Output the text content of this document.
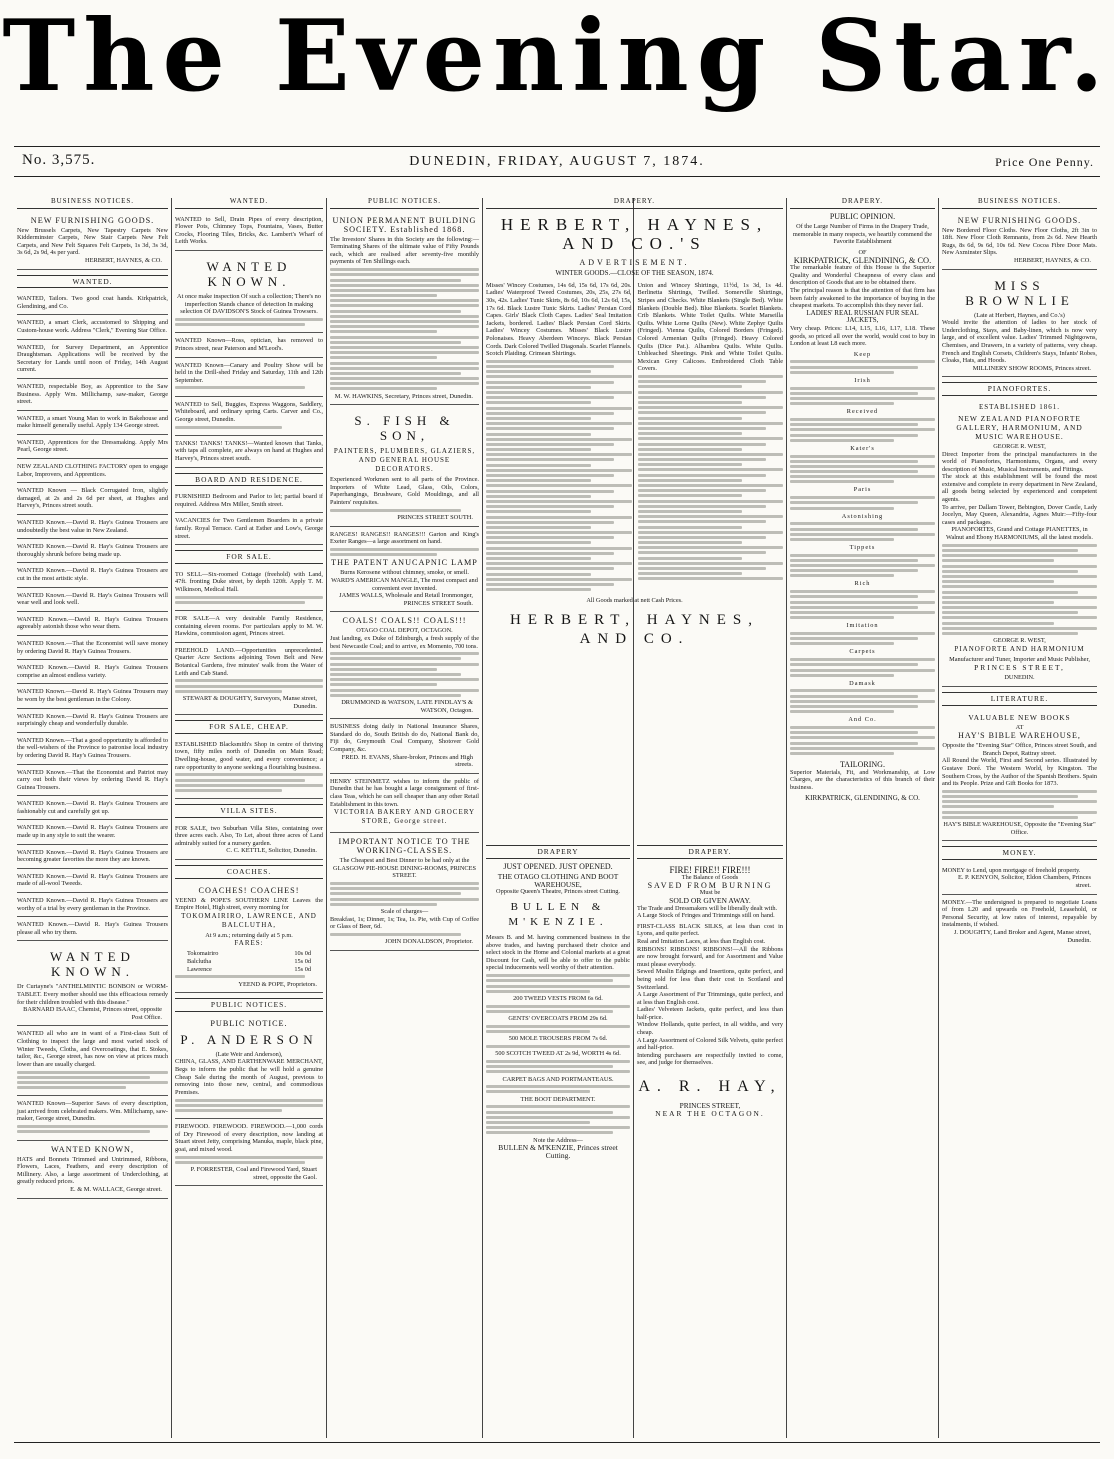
The Evening Star.
No. 3,575.	DUNEDIN, FRIDAY, AUGUST 7, 1874.	Price One Penny.
BUSINESS NOTICES.
NEW FURNISHING GOODS.
New Brussels Carpets, New Tapestry Carpets New Kidderminster Carpets, New Stair Carpets New Felt Carpets, and New Felt Squares Felt Carpets, 1s 3d, 3s 3d, 3s 6d, 2s 9d, 4s per yard.
HERBERT, HAYNES, & CO.
WANTED.
WANTED, Tailors. Two good coat hands. Kirkpatrick, Glendining, and Co.
WANTED, a smart Clerk, accustomed to Shipping and Custom-house work. Address "Clerk," Evening Star Office.
WANTED, for Survey Department, an Apprentice Draughtsman. Applications will be received by the Secretary for Lands until noon of Friday, 14th August current.
WANTED, respectable Boy, as Apprentice to the Saw Business. Apply Wm. Millichamp, saw-maker, George street.
WANTED, a smart Young Man to work in Bakehouse and make himself generally useful. Apply 134 George street.
WANTED, Apprentices for the Dressmaking. Apply Mrs Pearl, George street.
NEW ZEALAND CLOTHING FACTORY open to engage Labor, Improvers, and Apprentices.
WANTED Known — Black Corrugated Iron, slightly damaged, at 2s and 2s 6d per sheet, at Hughes and Harvey's, Princes street south.
WANTED Known.—David R. Hay's Guinea Trousers are undoubtedly the best value in New Zealand.
WANTED Known.—David R. Hay's Guinea Trousers are thoroughly shrunk before being made up.
WANTED Known.—David R. Hay's Guinea Trousers are cut in the most artistic style.
WANTED Known.—David R. Hay's Guinea Trousers will wear well and look well.
WANTED Known.—David R. Hay's Guinea Trousers agreeably astonish those who wear them.
WANTED Known.—That the Economist will save money by ordering David R. Hay's Guinea Trousers.
WANTED Known.—David R. Hay's Guinea Trousers comprise an almost endless variety.
WANTED Known.—David R. Hay's Guinea Trousers may be worn by the best gentleman in the Colony.
WANTED Known.—David R. Hay's Guinea Trousers are surprisingly cheap and wonderfully durable.
WANTED Known.—That a good opportunity is afforded to the well-wishers of the Province to patronise local industry by ordering David R. Hay's Guinea Trousers.
WANTED Known.—That the Economist and Patriot may carry out both their views by ordering David R. Hay's Guinea Trousers.
WANTED Known.—David R. Hay's Guinea Trousers are fashionably cut and carefully got up.
WANTED Known.—David R. Hay's Guinea Trousers are made up in any style to suit the wearer.
WANTED Known.—David R. Hay's Guinea Trousers are becoming greater favorites the more they are known.
WANTED Known.—David R. Hay's Guinea Trousers are made of all-wool Tweeds.
WANTED Known.—David R. Hay's Guinea Trousers are worthy of a trial by every gentleman in the Province.
WANTED Known.—David R. Hay's Guinea Trousers please all who try them.
WANTED KNOWN.
Dr Curtayne's "ANTHELMINTIC BONBON or WORM-TABLET. Every mother should use this efficacious remedy for their children troubled with this disease."
BARNARD ISAAC, Chemist, Princes street, opposite Post Office.
WANTED all who are in want of a First-class Suit of Clothing to inspect the large and most varied stock of Winter Tweeds, Cloths, and Overcoatings, that E. Stokes, tailor, &c., George street, has now on view at prices much lower than are usually charged.
WANTED Known—Superior Saws of every description, just arrived from celebrated makers. Wm. Millichamp, saw-maker, George street, Dunedin.
WANTED KNOWN,
HATS and Bonnets Trimmed and Untrimmed, Ribbons, Flowers, Laces, Feathers, and every description of Millinery. Also, a large assortment of Underclothing, at greatly reduced prices.
E. & M. WALLACE, George street.
WANTED.
WANTED to Sell, Drain Pipes of every description, Flower Pots, Chimney Tops, Fountains, Vases, Butter Crocks, Flooring Tiles, Bricks, &c. Lambert's Wharf of Leith Works.
WANTED KNOWN.
At once make inspection Of such a collection; There's no imperfection Stands chance of detection In making selection Of DAVIDSON'S Stock of Guinea Trowsers.
WANTED Known—Ross, optician, has removed to Princes street, near Paterson and M'Leod's.
WANTED Known—Canary and Poultry Show will be held in the Drill-shed Friday and Saturday, 11th and 12th September.
WANTED to Sell, Buggies, Express Waggons, Saddlery, Whiteboard, and ordinary spring Carts. Carver and Co., George street, Dunedin.
TANKS! TANKS! TANKS!—Wanted known that Tanks, with taps all complete, are always on hand at Hughes and Harvey's, Princes street south.
BOARD AND RESIDENCE.
FURNISHED Bedroom and Parlor to let; partial board if required. Address Mrs Miller, Smith street.
VACANCIES for Two Gentlemen Boarders in a private family. Royal Terrace. Card at Esther and Low's, George street.
FOR SALE.
TO SELL—Six-roomed Cottage (freehold) with Land, 47ft. fronting Duke street, by depth 120ft. Apply T. M. Wilkinson, Medical Hall.
FOR SALE—A very desirable Family Residence, containing eleven rooms. For particulars apply to M. W. Hawkins, commission agent, Princes street.
FREEHOLD LAND.—Opportunities unprecedented. Quarter Acre Sections adjoining Town Belt and New Botanical Gardens, five minutes' walk from the Water of Leith and Cab Stand.
STEWART & DOUGHTY, Surveyors, Manse street, Dunedin.
FOR SALE, CHEAP.
ESTABLISHED Blacksmith's Shop in centre of thriving town, fifty miles north of Dunedin on Main Road; Dwelling-house, good water, and every convenience; a rare opportunity to anyone seeking a flourishing business.
VILLA SITES.
FOR SALE, two Suburban Villa Sites, containing over three acres each. Also, To Let, about three acres of Land admirably suited for a nursery garden.
C. C. KETTLE, Solicitor, Dunedin.
COACHES.
COACHES! COACHES!
YEEND & POPE'S SOUTHERN LINE Leaves the Empire Hotel, High street, every morning for
TOKOMAIRIRO, LAWRENCE, AND BALCLUTHA,
At 9 a.m.; returning daily at 5 p.m.
FARES:
Tokomairiro	10s 0d
Balclutha	15s 0d
Lawrence	15s 0d
YEEND & POPE, Proprietors.
PUBLIC NOTICES.
PUBLIC NOTICE.
P. ANDERSON
(Late Weir and Anderson),
CHINA, GLASS, AND EARTHENWARE MERCHANT, Begs to inform the public that he will hold a genuine Cheap Sale during the month of August, previous to removing into those new, central, and commodious Premises.
FIREWOOD. FIREWOOD. FIREWOOD.—1,000 cords of Dry Firewood of every description, now landing at Stuart street Jetty, comprising Manuka, maple, black pine, goai, and mixed wood.
P. FORRESTER, Coal and Firewood Yard, Stuart street, opposite the Gaol.
PUBLIC NOTICES.
UNION PERMANENT BUILDING SOCIETY. Established 1868.
The Investors' Shares in this Society are the following:—Terminating Shares of the ultimate value of Fifty Pounds each, which are realised after seventy-five monthly payments of Ten Shillings each.
M. W. HAWKINS, Secretary, Princes street, Dunedin.
S. FISH & SON,
PAINTERS, PLUMBERS, GLAZIERS, AND GENERAL HOUSE DECORATORS.
Experienced Workmen sent to all parts of the Province. Importers of White Lead, Glass, Oils, Colors, Paperhangings, Brushware, Gold Mouldings, and all Painters' requisites.
PRINCES STREET SOUTH.
RANGES! RANGES!! RANGES!!! Garton and King's Exeter Ranges—a large assortment on hand.
THE PATENT ANUCAPNIC LAMP
Burns Kerosene without chimney, smoke, or smell.
WARD'S AMERICAN MANGLE, The most compact and convenient ever invented.
JAMES WALLS, Wholesale and Retail Ironmonger, PRINCES STREET South.
COALS! COALS!! COALS!!!
OTAGO COAL DEPOT, OCTAGON.
Just landing, ex Duke of Edinburgh, a fresh supply of the best Newcastle Coal; and to arrive, ex Momento, 700 tons.
DRUMMOND & WATSON, LATE FINDLAY'S & WATSON, Octagon.
BUSINESS doing daily in National Insurance Shares, Standard do do, South British do do, National Bank do, Fiji do, Greymouth Coal Company, Shotover Gold Company, &c.
FRED. H. EVANS, Share-broker, Princes and High streets.
HENRY STEINMETZ wishes to inform the public of Dunedin that he has bought a large consignment of first-class Teas, which he can sell cheaper than any other Retail Establishment in this town.
VICTORIA BAKERY AND GROCERY STORE, George street.
IMPORTANT NOTICE TO THE WORKING-CLASSES.
The Cheapest and Best Dinner to be had only at the GLASGOW PIE-HOUSE DINING-ROOMS, PRINCES STREET.
Scale of charges—
Breakfast, 1s; Dinner, 1s; Tea, 1s. Pie, with Cup of Coffee or Glass of Beer, 6d.
JOHN DONALDSON, Proprietor.
DRAPERY.
HERBERT, HAYNES, AND CO.'S
ADVERTISEMENT.
WINTER GOODS.—CLOSE OF THE SEASON, 1874.
Misses' Wincey Costumes, 14s 6d, 15s 6d, 17s 6d, 20s. Ladies' Waterproof Tweed Costumes, 20s, 25s, 27s 6d, 30s, 42s. Ladies' Tunic Skirts, 8s 6d, 10s 6d, 12s 6d, 15s, 17s 6d. Black Lustre Tunic Skirts. Ladies' Persian Cord Capes. Girls' Black Cloth Capes. Ladies' Seal Imitation Jackets, bordered. Ladies' Black Persian Cord Skirts. Ladies' Wincey Costumes. Misses' Black Lustre Polonaises. Heavy Aberdeen Winceys. Black Persian Cords. Dark Colored Twilled Diagonals. Scarlet Flannels. Scotch Plaiding. Crimean Shirtings.
Union and Wincey Shirtings, 11½d, 1s 3d, 1s 4d. Berlinetta Shirtings, Twilled. Somerville Shirtings, Stripes and Checks. White Blankets (Single Bed). White Blankets (Double Bed). Blue Blankets. Scarlet Blankets. Crib Blankets. White Toilet Quilts. White Marseilla Quilts. White Lorne Quilts (New). White Zephyr Quilts (Fringed). Vienna Quilts, Colored Borders (Fringed). Colored Armenian Quilts (Fringed). Heavy Colored Quilts (Dice Pat.). Alhambra Quilts. White Quilts. Unbleached Sheetings. Pink and White Toilet Quilts. Mexican Grey Calicoes. Embroidered Cloth Table Covers.
All Goods marked at nett Cash Prices.
HERBERT, HAYNES, AND CO.
DRAPERY
JUST OPENED. JUST OPENED.
THE OTAGO CLOTHING AND BOOT WAREHOUSE,
Opposite Queen's Theatre, Princes street Cutting.
BULLEN & M'KENZIE.
Messrs B. and M. having commenced business in the above trades, and having purchased their choice and select stock in the Home and Colonial markets at a great Discount for Cash, will be able to offer to the public special inducements well worthy of their attention.
200 TWEED VESTS FROM 6s 6d.
GENTS' OVERCOATS FROM 29s 6d.
500 MOLE TROUSERS FROM 7s 6d.
500 SCOTCH TWEED AT 2s 9d, WORTH 4s 6d.
CARPET BAGS AND PORTMANTEAUS.
THE BOOT DEPARTMENT.
Note the Address—
BULLEN & M'KENZIE, Princes street Cutting.
DRAPERY.
FIRE! FIRE!! FIRE!!!
The Balance of Goods
SAVED FROM BURNING
Must be
SOLD OR GIVEN AWAY.
The Trade and Dressmakers will be liberally dealt with.
A Large Stock of Fringes and Trimmings still on hand.
FIRST-CLASS BLACK SILKS, at less than cost in Lyons, and quite perfect.
Real and Imitation Laces, at less than English cost.
RIBBONS! RIBBONS! RIBBONS!—All the Ribbons are now brought forward, and for Assortment and Value must please everybody.
Sewed Muslin Edgings and Insertions, quite perfect, and being sold for less than their cost in Scotland and Switzerland.
A Large Assortment of Fur Trimmings, quite perfect, and at less than English cost.
Ladies' Velveteen Jackets, quite perfect, and less than half-price.
Window Hollands, quite perfect, in all widths, and very cheap.
A Large Assortment of Colored Silk Velvets, quite perfect and half-price.
Intending purchasers are respectfully invited to come, see, and judge for themselves.
A. R. HAY,
PRINCES STREET,
NEAR THE OCTAGON.
DRAPERY.
PUBLIC OPINION.
Of the Large Number of Firms in the Drapery Trade, memorable in many respects, we heartily commend the Favorite Establishment
OF
KIRKPATRICK, GLENDINING, & CO.
The remarkable feature of this House is the Superior Quality and Wonderful Cheapness of every class and description of Goods that are to be obtained there.
The principal reason is that the attention of that firm has been fairly awakened to the importance of buying in the cheapest markets. To accomplish this they never fail.
LADIES' REAL RUSSIAN FUR SEAL JACKETS,
Very cheap. Prices: L14, L15, L16, L17, L18. These goods, so priced all over the world, would cost to buy in London at least L8 each more.
Keep
Irish
Received
Kater's
Paris
Astonishing
Tippets
Rich
Imitation
Carpets
Damask
And Co.
TAILORING.
Superior Materials, Fit, and Workmanship, at Low Charges, are the characteristics of this branch of their business.
KIRKPATRICK, GLENDINING, & CO.
BUSINESS NOTICES.
NEW FURNISHING GOODS.
New Bordered Floor Cloths. New Floor Cloths, 2ft 3in to 18ft. New Floor Cloth Remnants, from 2s 6d. New Hearth Rugs, 8s 6d, 9s 6d, 10s 6d. New Cocoa Fibre Door Mats. New Axminster Slips.
HERBERT, HAYNES, & CO.
MISS BROWNLIE
(Late at Herbert, Haynes, and Co.'s)
Would invite the attention of ladies to her stock of Underclothing, Stays, and Baby-linen, which is now very large, and of excellent value. Ladies' Trimmed Nightgowns, Chemises, and Drawers, in a variety of patterns, very cheap. French and English Corsets, Children's Stays, Infants' Robes, Cloaks, Hats, and Hoods.
MILLINERY SHOW ROOMS, Princes street.
PIANOFORTES.
ESTABLISHED 1861.
NEW ZEALAND PIANOFORTE GALLERY, HARMONIUM, AND MUSIC WAREHOUSE.
GEORGE R. WEST,
Direct Importer from the principal manufacturers in the world of Pianofortes, Harmoniums, Organs, and every description of Music, Musical Instruments, and Fittings.
The stock at this establishment will be found the most extensive and complete in every department in New Zealand, all goods being selected by experienced and competent agents.
To arrive, per Dallam Tower, Bebington, Dover Castle, Lady Jocelyn, May Queen, Alexandria, Agnes Muir:—Fifty-four cases and packages.
PIANOFORTES, Grand and Cottage PIANETTES, in Walnut and Ebony HARMONIUMS, all the latest models.
GEORGE R. WEST,
PIANOFORTE AND HARMONIUM
Manufacturer and Tuner, Importer and Music Publisher,
PRINCES STREET,
DUNEDIN.
LITERATURE.
VALUABLE NEW BOOKS
AT
HAY'S BIBLE WAREHOUSE,
Opposite the "Evening Star" Office, Princes street South, and Branch Depot, Rattray street.
All Round the World, First and Second series. Illustrated by Gustave Doré. The Western World, by Kingston. The Southern Cross, by the Author of the Spanish Brothers. Spain and its People. Prize and Gift Books for 1873.
HAY'S BIBLE WAREHOUSE, Opposite the "Evening Star" Office.
MONEY.
MONEY to Lend, upon mortgage of freehold property.
E. P. KENYON, Solicitor, Eldon Chambers, Princes street.
MONEY.—The undersigned is prepared to negotiate Loans of from L20 and upwards on Freehold, Leasehold, or Personal Security, at low rates of interest, repayable by instalments, if wished.
J. DOUGHTY, Land Broker and Agent, Manse street, Dunedin.
